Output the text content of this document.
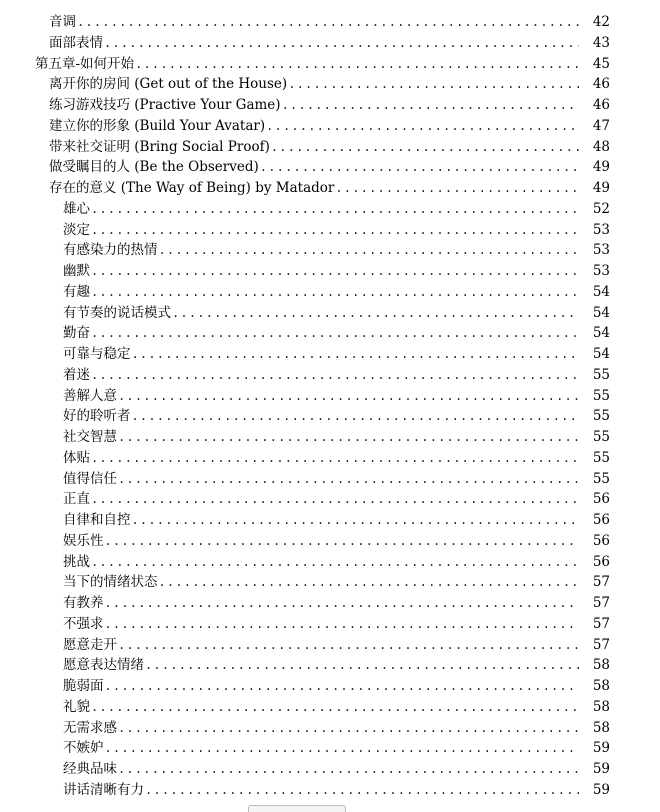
音调 .....	42
面部表情 .....	43
第五章-如何开始 .....	45
离开你的房间 (Get out of the House) .....	46
练习游戏技巧 (Practive Your Game) .....	46
建立你的形象 (Build Your Avatar) .....	47
带来社交证明 (Bring Social Proof) .....	48
做受瞩目的人 (Be the Observed) .....	49
存在的意义 (The Way of Being) by Matador .....	49
雄心 .....	52
淡定 .....	53
有感染力的热情 .....	53
幽默 .....	53
有趣 .....	54
有节奏的说话模式 .....	54
勤奋 .....	54
可靠与稳定 .....	54
着迷 .....	55
善解人意 .....	55
好的聆听者 .....	55
社交智慧 .....	55
体贴 .....	55
值得信任 .....	55
正直 .....	56
自律和自控 .....	56
娱乐性 .....	56
挑战 .....	56
当下的情绪状态 .....	57
有教养 .....	57
不强求 .....	57
愿意走开 .....	57
愿意表达情绪 .....	58
脆弱面 .....	58
礼貌 .....	58
无需求感 .....	58
不嫉妒 .....	59
经典品味 .....	59
讲话清晰有力 .....	59
